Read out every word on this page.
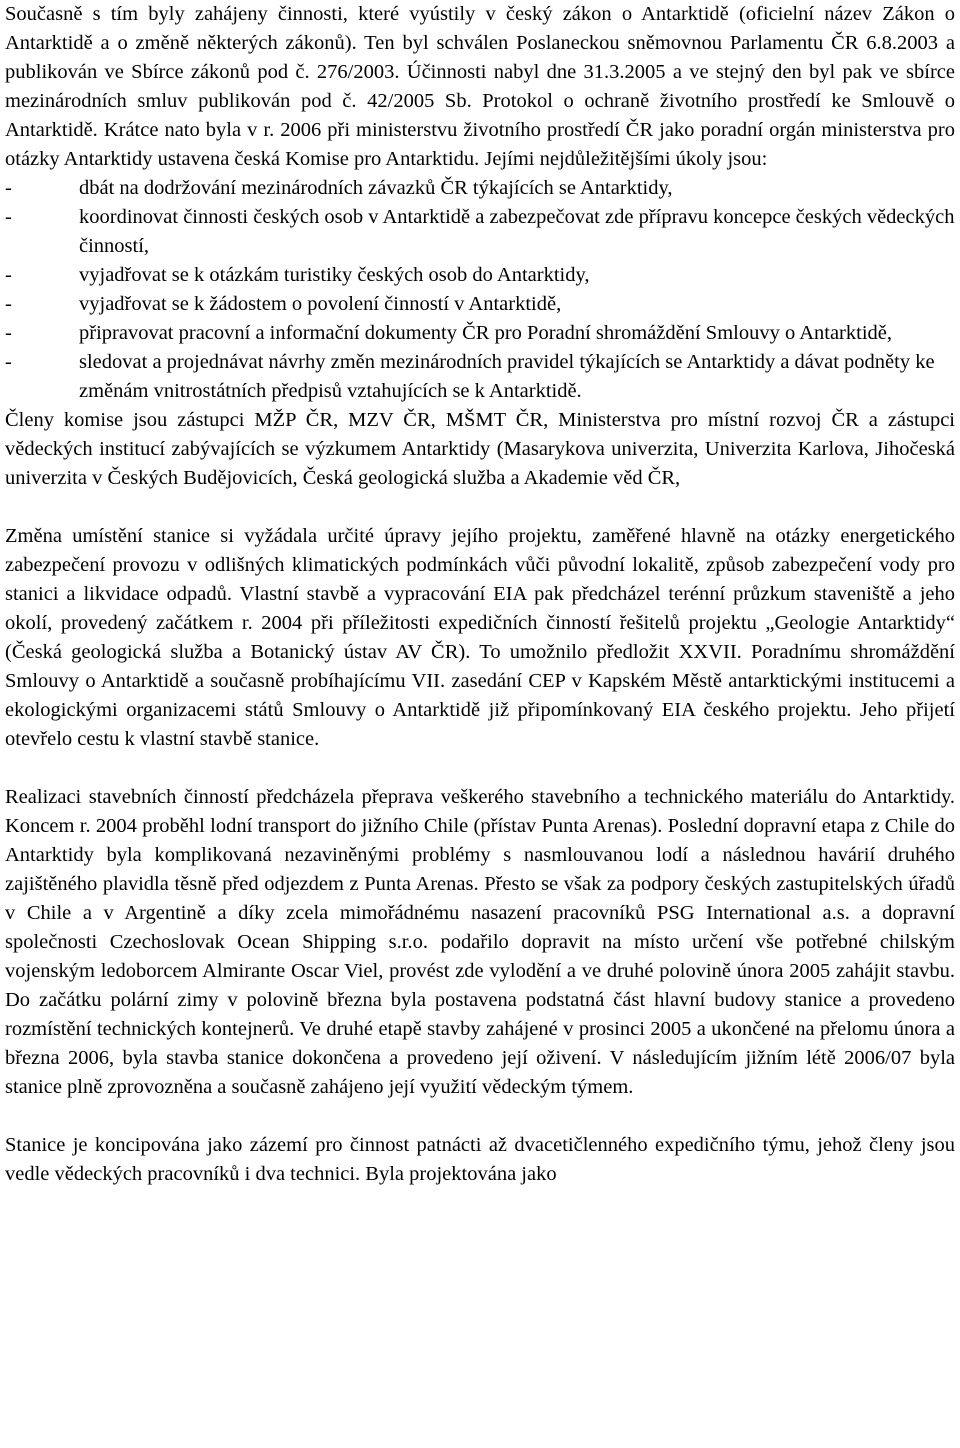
Současně s tím byly zahájeny činnosti, které vyústily v český zákon o Antarktidě (oficielní název Zákon o Antarktidě a o změně některých zákonů). Ten byl schválen Poslaneckou sněmovnou Parlamentu ČR 6.8.2003 a publikován ve Sbírce zákonů pod č. 276/2003. Účinnosti nabyl dne 31.3.2005 a ve stejný den byl pak ve sbírce mezinárodních smluv publikován pod č. 42/2005 Sb. Protokol o ochraně životního prostředí ke Smlouvě o Antarktidě. Krátce nato byla v r. 2006 při ministerstvu životního prostředí ČR jako poradní orgán ministerstva pro otázky Antarktidy ustavena česká Komise pro Antarktidu. Jejími nejdůležitějšími úkoly jsou:

-	dbát na dodržování mezinárodních závazků ČR týkajících se Antarktidy,
-	koordinovat činnosti českých osob v Antarktidě a zabezpečovat zde přípravu koncepce českých vědeckých činností,
-	vyjadřovat se k otázkám turistiky českých osob do Antarktidy,
-	vyjadřovat se k žádostem o povolení činností v Antarktidě,
-	připravovat pracovní a informační dokumenty ČR pro Poradní shromáždění Smlouvy o Antarktidě,
-	sledovat a projednávat návrhy změn mezinárodních pravidel týkajících se Antarktidy a dávat podněty ke změnám vnitrostátních předpisů vztahujících se k Antarktidě.

Členy komise jsou zástupci MŽP ČR, MZV ČR, MŠMT ČR, Ministerstva pro místní rozvoj ČR a zástupci vědeckých institucí zabývajících se výzkumem Antarktidy (Masarykova univerzita, Univerzita Karlova, Jihočeská univerzita v Českých Budějovicích, Česká geologická služba a Akademie věd ČR,

Změna umístění stanice si vyžádala určité úpravy jejího projektu, zaměřené hlavně na otázky energetického zabezpečení provozu v odlišných klimatických podmínkách vůči původní lokalitě, způsob zabezpečení vody pro stanici a likvidace odpadů. Vlastní stavbě a vypracování EIA pak předcházel terénní průzkum staveniště a jeho okolí, provedený začátkem r. 2004 při příležitosti expedičních činností řešitelů projektu „Geologie Antarktidy“ (Česká geologická služba a Botanický ústav AV ČR). To umožnilo předložit XXVII. Poradnímu shromáždění Smlouvy o Antarktidě a současně probíhajícímu VII. zasedání CEP v Kapském Městě antarktickými institucemi a ekologickými organizacemi států Smlouvy o Antarktidě již připomínkovaný EIA českého projektu. Jeho přijetí otevřelo cestu k vlastní stavbě stanice.

Realizaci stavebních činností předcházela přeprava veškerého stavebního a technického materiálu do Antarktidy. Koncem r. 2004 proběhl lodní transport do jižního Chile (přístav Punta Arenas). Poslední dopravní etapa z Chile do Antarktidy byla komplikovaná nezaviněnými problémy s nasmlouvanou lodí a následnou havárií druhého zajištěného plavidla těsně před odjezdem z Punta Arenas. Přesto se však za podpory českých zastupitelských úřadů v Chile a v Argentině a díky zcela mimořádnému nasazení pracovníků PSG International a.s. a dopravní společnosti Czechoslovak Ocean Shipping s.r.o. podařilo dopravit na místo určení vše potřebné chilským vojenským ledoborcem Almirante Oscar Viel, provést zde vylodění a ve druhé polovině února 2005 zahájit stavbu. Do začátku polární zimy v polovině března byla postavena podstatná část hlavní budovy stanice a provedeno rozmístění technických kontejnerů. Ve druhé etapě stavby zahájené v prosinci 2005 a ukončené na přelomu února a března 2006, byla stavba stanice dokončena a provedeno její oživení. V následujícím jižním létě 2006/07 byla stanice plně zprovozněna a současně zahájeno její využití vědeckým týmem.

Stanice je koncipována jako zázemí pro činnost patnácti až dvacetičlenného expedičního týmu, jehož členy jsou vedle vědeckých pracovníků i dva technici. Byla projektována jako
